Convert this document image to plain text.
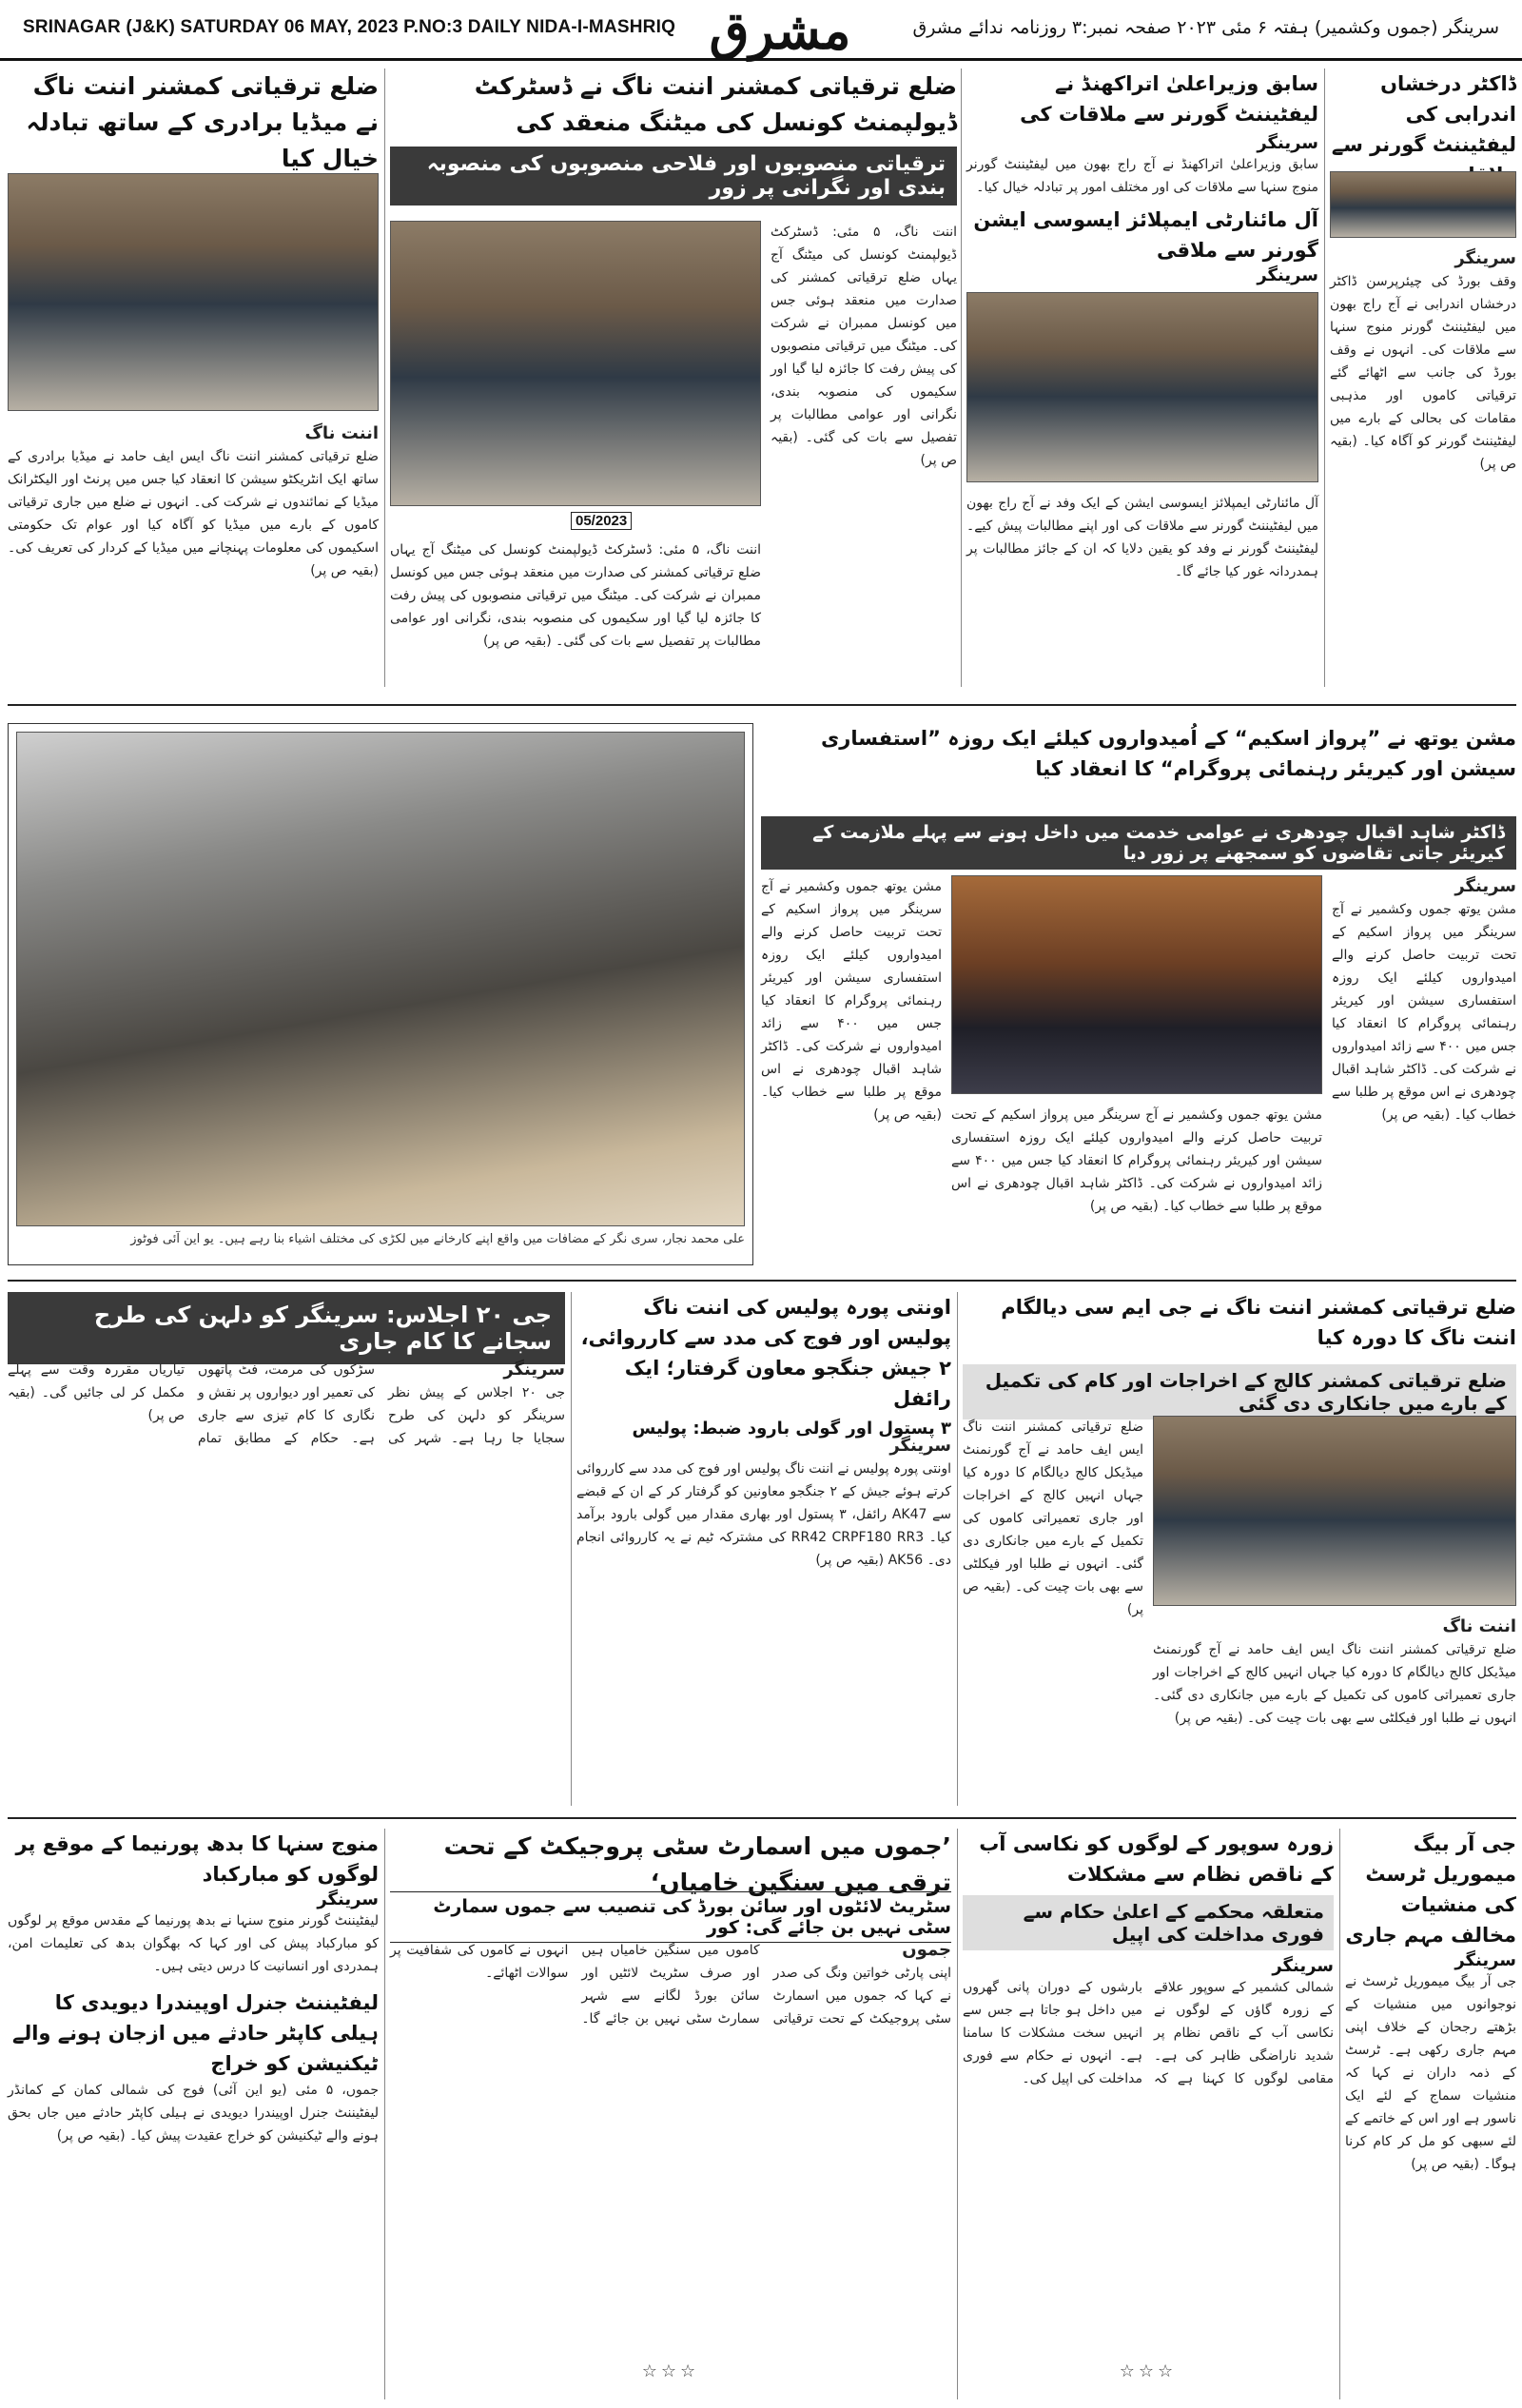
SRINAGAR (J&K) SATURDAY 06 MAY, 2023 P.NO:3 DAILY NIDA-I-MASHRIQ مشرق	سرینگر (جموں وکشمیر) ہفتہ ۶ مئی ۲۰۲۳ صفحہ نمبر:۳ روزنامہ ندائے مشرق
ضلع ترقیاتی کمشنر اننت ناگ نے میڈیا برادری کے ساتھ تبادلہ خیال کیا
اننت ناگ
ضلع ترقیاتی کمشنر اننت ناگ ایس ایف حامد نے میڈیا برادری کے ساتھ ایک انٹریکٹو سیشن کا انعقاد کیا جس میں پرنٹ اور الیکٹرانک میڈیا کے نمائندوں نے شرکت کی۔ انہوں نے ضلع میں جاری ترقیاتی کاموں کے بارے میں میڈیا کو آگاہ کیا اور عوام تک حکومتی اسکیموں کی معلومات پہنچانے میں میڈیا کے کردار کی تعریف کی۔ (بقیہ ص پر)
ضلع ترقیاتی کمشنر اننت ناگ نے ڈسٹرکٹ ڈیولپمنٹ کونسل کی میٹنگ منعقد کی
ترقیاتی منصوبوں اور فلاحی منصوبوں کی منصوبہ بندی اور نگرانی پر زور
اننت ناگ، ۵ مئی: ڈسٹرکٹ ڈیولپمنٹ کونسل کی میٹنگ آج یہاں ضلع ترقیاتی کمشنر کی صدارت میں منعقد ہوئی جس میں کونسل ممبران نے شرکت کی۔ میٹنگ میں ترقیاتی منصوبوں کی پیش رفت کا جائزہ لیا گیا اور سکیموں کی منصوبہ بندی، نگرانی اور عوامی مطالبات پر تفصیل سے بات کی گئی۔ (بقیہ ص پر)
05/2023
اننت ناگ، ۵ مئی: ڈسٹرکٹ ڈیولپمنٹ کونسل کی میٹنگ آج یہاں ضلع ترقیاتی کمشنر کی صدارت میں منعقد ہوئی جس میں کونسل ممبران نے شرکت کی۔ میٹنگ میں ترقیاتی منصوبوں کی پیش رفت کا جائزہ لیا گیا اور سکیموں کی منصوبہ بندی، نگرانی اور عوامی مطالبات پر تفصیل سے بات کی گئی۔ (بقیہ ص پر)
سابق وزیراعلیٰ اتراکھنڈ نے لیفٹیننٹ گورنر سے ملاقات کی
سرینگر
سابق وزیراعلیٰ اتراکھنڈ نے آج راج بھون میں لیفٹیننٹ گورنر منوج سنہا سے ملاقات کی اور مختلف امور پر تبادلہ خیال کیا۔
آل مائنارٹی ایمپلائز ایسوسی ایشن گورنر سے ملاقی
سرینگر
آل مائنارٹی ایمپلائز ایسوسی ایشن کے ایک وفد نے آج راج بھون میں لیفٹیننٹ گورنر سے ملاقات کی اور اپنے مطالبات پیش کیے۔ لیفٹیننٹ گورنر نے وفد کو یقین دلایا کہ ان کے جائز مطالبات پر ہمدردانہ غور کیا جائے گا۔
ڈاکٹر درخشاں اندرابی کی لیفٹیننٹ گورنر سے
سرینگر
وقف بورڈ کی چیئرپرسن ڈاکٹر درخشاں اندرابی نے آج راج بھون میں لیفٹیننٹ گورنر منوج سنہا سے ملاقات کی۔ انہوں نے وقف بورڈ کی جانب سے اٹھائے گئے ترقیاتی کاموں اور مذہبی مقامات کی بحالی کے بارے میں لیفٹیننٹ گورنر کو آگاہ کیا۔ (بقیہ ص پر)
علی محمد نجار، سری نگر کے مضافات میں واقع اپنے کارخانے میں لکڑی کی مختلف اشیاء بنا رہے ہیں۔ یو این آئی فوٹوز
مشن یوتھ نے ”پرواز اسکیم“ کے اُمیدواروں کیلئے ایک روزہ ”استفساری سیشن اور کیریئر رہنمائی پروگرام“ کا انعقاد کیا
ڈاکٹر شاہد اقبال چودھری نے عوامی خدمت میں داخل ہونے سے پہلے ملازمت کے کیریئر جاتی تقاضوں کو سمجھنے پر زور دیا
سرینگر
مشن یوتھ جموں وکشمیر نے آج سرینگر میں پرواز اسکیم کے تحت تربیت حاصل کرنے والے امیدواروں کیلئے ایک روزہ استفساری سیشن اور کیریئر رہنمائی پروگرام کا انعقاد کیا جس میں ۴۰۰ سے زائد امیدواروں نے شرکت کی۔ ڈاکٹر شاہد اقبال چودھری نے اس موقع پر طلبا سے خطاب کیا۔ (بقیہ ص پر)
مشن یوتھ جموں وکشمیر نے آج سرینگر میں پرواز اسکیم کے تحت تربیت حاصل کرنے والے امیدواروں کیلئے ایک روزہ استفساری سیشن اور کیریئر رہنمائی پروگرام کا انعقاد کیا جس میں ۴۰۰ سے زائد امیدواروں نے شرکت کی۔ ڈاکٹر شاہد اقبال چودھری نے اس موقع پر طلبا سے خطاب کیا۔ (بقیہ ص پر) مشن یوتھ جموں وکشمیر نے آج سرینگر میں پرواز اسکیم کے تحت تربیت حاصل کرنے والے امیدواروں کیلئے ایک روزہ استفساری سیشن اور کیریئر رہنمائی پروگرام کا انعقاد کیا جس میں ۴۰۰ سے زائد امیدواروں نے شرکت کی۔ ڈاکٹر شاہد اقبال چودھری نے اس موقع پر طلبا سے خطاب کیا۔ (بقیہ ص پر)
جی ۲۰ اجلاس: سرینگر کو دلہن کی طرح سجانے کا کام جاری
سرینگر
جی ۲۰ اجلاس کے پیش نظر سرینگر کو دلہن کی طرح سجایا جا رہا ہے۔ شہر کی سڑکوں کی مرمت، فٹ پاتھوں کی تعمیر اور دیواروں پر نقش و نگاری کا کام تیزی سے جاری ہے۔ حکام کے مطابق تمام تیاریاں مقررہ وقت سے پہلے مکمل کر لی جائیں گی۔ (بقیہ ص پر)
اونتی پورہ پولیس کی اننت ناگ پولیس اور فوج کی مدد سے کارروائی، ۲ جیش جنگجو معاون گرفتار؛ ایک رائفل
۳ پستول اور گولی بارود ضبط: پولیس
سرینگر
اونتی پورہ پولیس نے اننت ناگ پولیس اور فوج کی مدد سے کارروائی کرتے ہوئے جیش کے ۲ جنگجو معاونین کو گرفتار کر کے ان کے قبضے سے AK47 رائفل، ۳ پستول اور بھاری مقدار میں گولی بارود برآمد کیا۔ RR42 CRPF180 RR3 کی مشترکہ ٹیم نے یہ کارروائی انجام دی۔ AK56 (بقیہ ص پر)
ضلع ترقیاتی کمشنر اننت ناگ نے جی ایم سی دیالگام اننت ناگ کا دورہ کیا
ضلع ترقیاتی کمشنر کالج کے اخراجات اور کام کی تکمیل کے بارے میں جانکاری دی گئی
ضلع ترقیاتی کمشنر اننت ناگ ایس ایف حامد نے آج گورنمنٹ میڈیکل کالج دیالگام کا دورہ کیا جہاں انہیں کالج کے اخراجات اور جاری تعمیراتی کاموں کی تکمیل کے بارے میں جانکاری دی گئی۔ انہوں نے طلبا اور فیکلٹی سے بھی بات چیت کی۔ (بقیہ ص پر)
اننت ناگ
ضلع ترقیاتی کمشنر اننت ناگ ایس ایف حامد نے آج گورنمنٹ میڈیکل کالج دیالگام کا دورہ کیا جہاں انہیں کالج کے اخراجات اور جاری تعمیراتی کاموں کی تکمیل کے بارے میں جانکاری دی گئی۔ انہوں نے طلبا اور فیکلٹی سے بھی بات چیت کی۔ (بقیہ ص پر)
منوج سنہا کا بدھ پورنیما کے موقع پر لوگوں کو مبارکباد
سرینگر
لیفٹیننٹ گورنر منوج سنہا نے بدھ پورنیما کے مقدس موقع پر لوگوں کو مبارکباد پیش کی اور کہا کہ بھگوان بدھ کی تعلیمات امن، ہمدردی اور انسانیت کا درس دیتی ہیں۔
لیفٹیننٹ جنرل اوپیندرا دیویدی کا ہیلی کاپٹر حادثے میں ازجان ہونے والے ٹیکنیشن کو خراج
جموں، ۵ مئی (یو این آئی) فوج کی شمالی کمان کے کمانڈر لیفٹیننٹ جنرل اوپیندرا دیویدی نے ہیلی کاپٹر حادثے میں جاں بحق ہونے والے ٹیکنیشن کو خراج عقیدت پیش کیا۔ (بقیہ ص پر)
’جموں میں اسمارٹ سٹی پروجیکٹ کے تحت ترقی میں سنگین خامیاں‘
سٹریٹ لائٹوں اور سائن بورڈ کی تنصیب سے جموں سمارٹ سٹی نہیں بن جائے گی: کور
جموں
اپنی پارٹی خواتین ونگ کی صدر نے کہا کہ جموں میں اسمارٹ سٹی پروجیکٹ کے تحت ترقیاتی کاموں میں سنگین خامیاں ہیں اور صرف سٹریٹ لائٹیں اور سائن بورڈ لگانے سے شہر سمارٹ سٹی نہیں بن جائے گا۔ انہوں نے کاموں کی شفافیت پر سوالات اٹھائے۔
☆☆☆
زورہ سوپور کے لوگوں کو نکاسی آب کے ناقص نظام سے مشکلات
متعلقہ محکمے کے اعلیٰ حکام سے فوری مداخلت کی اپیل
سرینگر
شمالی کشمیر کے سوپور علاقے کے زورہ گاؤں کے لوگوں نے نکاسی آب کے ناقص نظام پر شدید ناراضگی ظاہر کی ہے۔ مقامی لوگوں کا کہنا ہے کہ بارشوں کے دوران پانی گھروں میں داخل ہو جاتا ہے جس سے انہیں سخت مشکلات کا سامنا ہے۔ انہوں نے حکام سے فوری مداخلت کی اپیل کی۔
☆☆☆
جی آر بیگ میموریل ٹرسٹ کی منشیات مخالف مہم جاری
سرینگر
جی آر بیگ میموریل ٹرسٹ نے نوجوانوں میں منشیات کے بڑھتے رجحان کے خلاف اپنی مہم جاری رکھی ہے۔ ٹرسٹ کے ذمہ داران نے کہا کہ منشیات سماج کے لئے ایک ناسور ہے اور اس کے خاتمے کے لئے سبھی کو مل کر کام کرنا ہوگا۔ (بقیہ ص پر)
